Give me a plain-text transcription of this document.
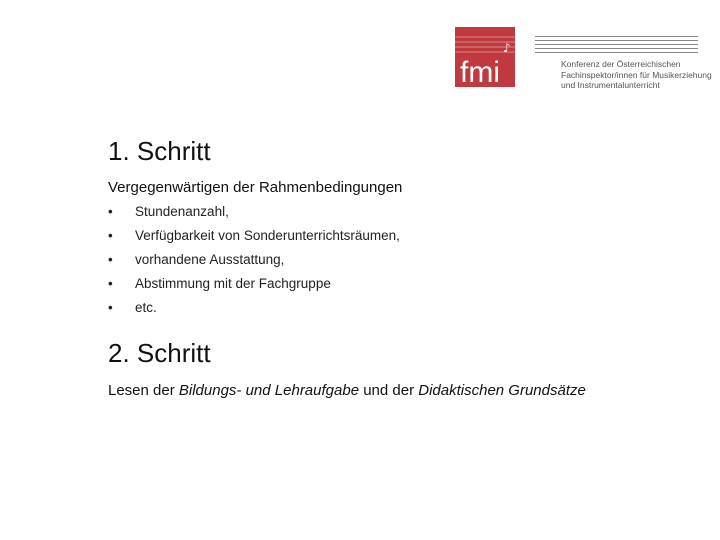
fmi
♪
Konferenz der Österreichischen
Fachinspektor/innen für Musikerziehung
und Instrumentalunterricht
1. Schritt
Vergegenwärtigen der Rahmenbedingungen
•	Stundenanzahl,
•	Verfügbarkeit von Sonderunterrichtsräumen,
•	vorhandene Ausstattung,
•	Abstimmung mit der Fachgruppe
•	etc.
2. Schritt
Lesen der Bildungs- und Lehraufgabe und der Didaktischen Grundsätze
